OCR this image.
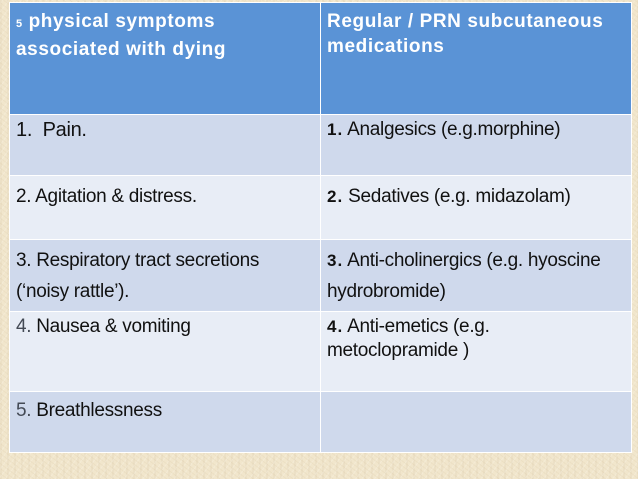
5 physical symptoms associated with dying	Regular / PRN subcutaneous medications

1.  Pain.	1. Analgesics (e.g.morphine)

2. Agitation & distress.	2. Sedatives (e.g. midazolam)

3. Respiratory tract secretions (‘noisy rattle’).	3. Anti-cholinergics (e.g. hyoscine hydrobromide)

4. Nausea & vomiting	4. Anti-emetics (e.g. metoclopramide )

5. Breathlessness	
